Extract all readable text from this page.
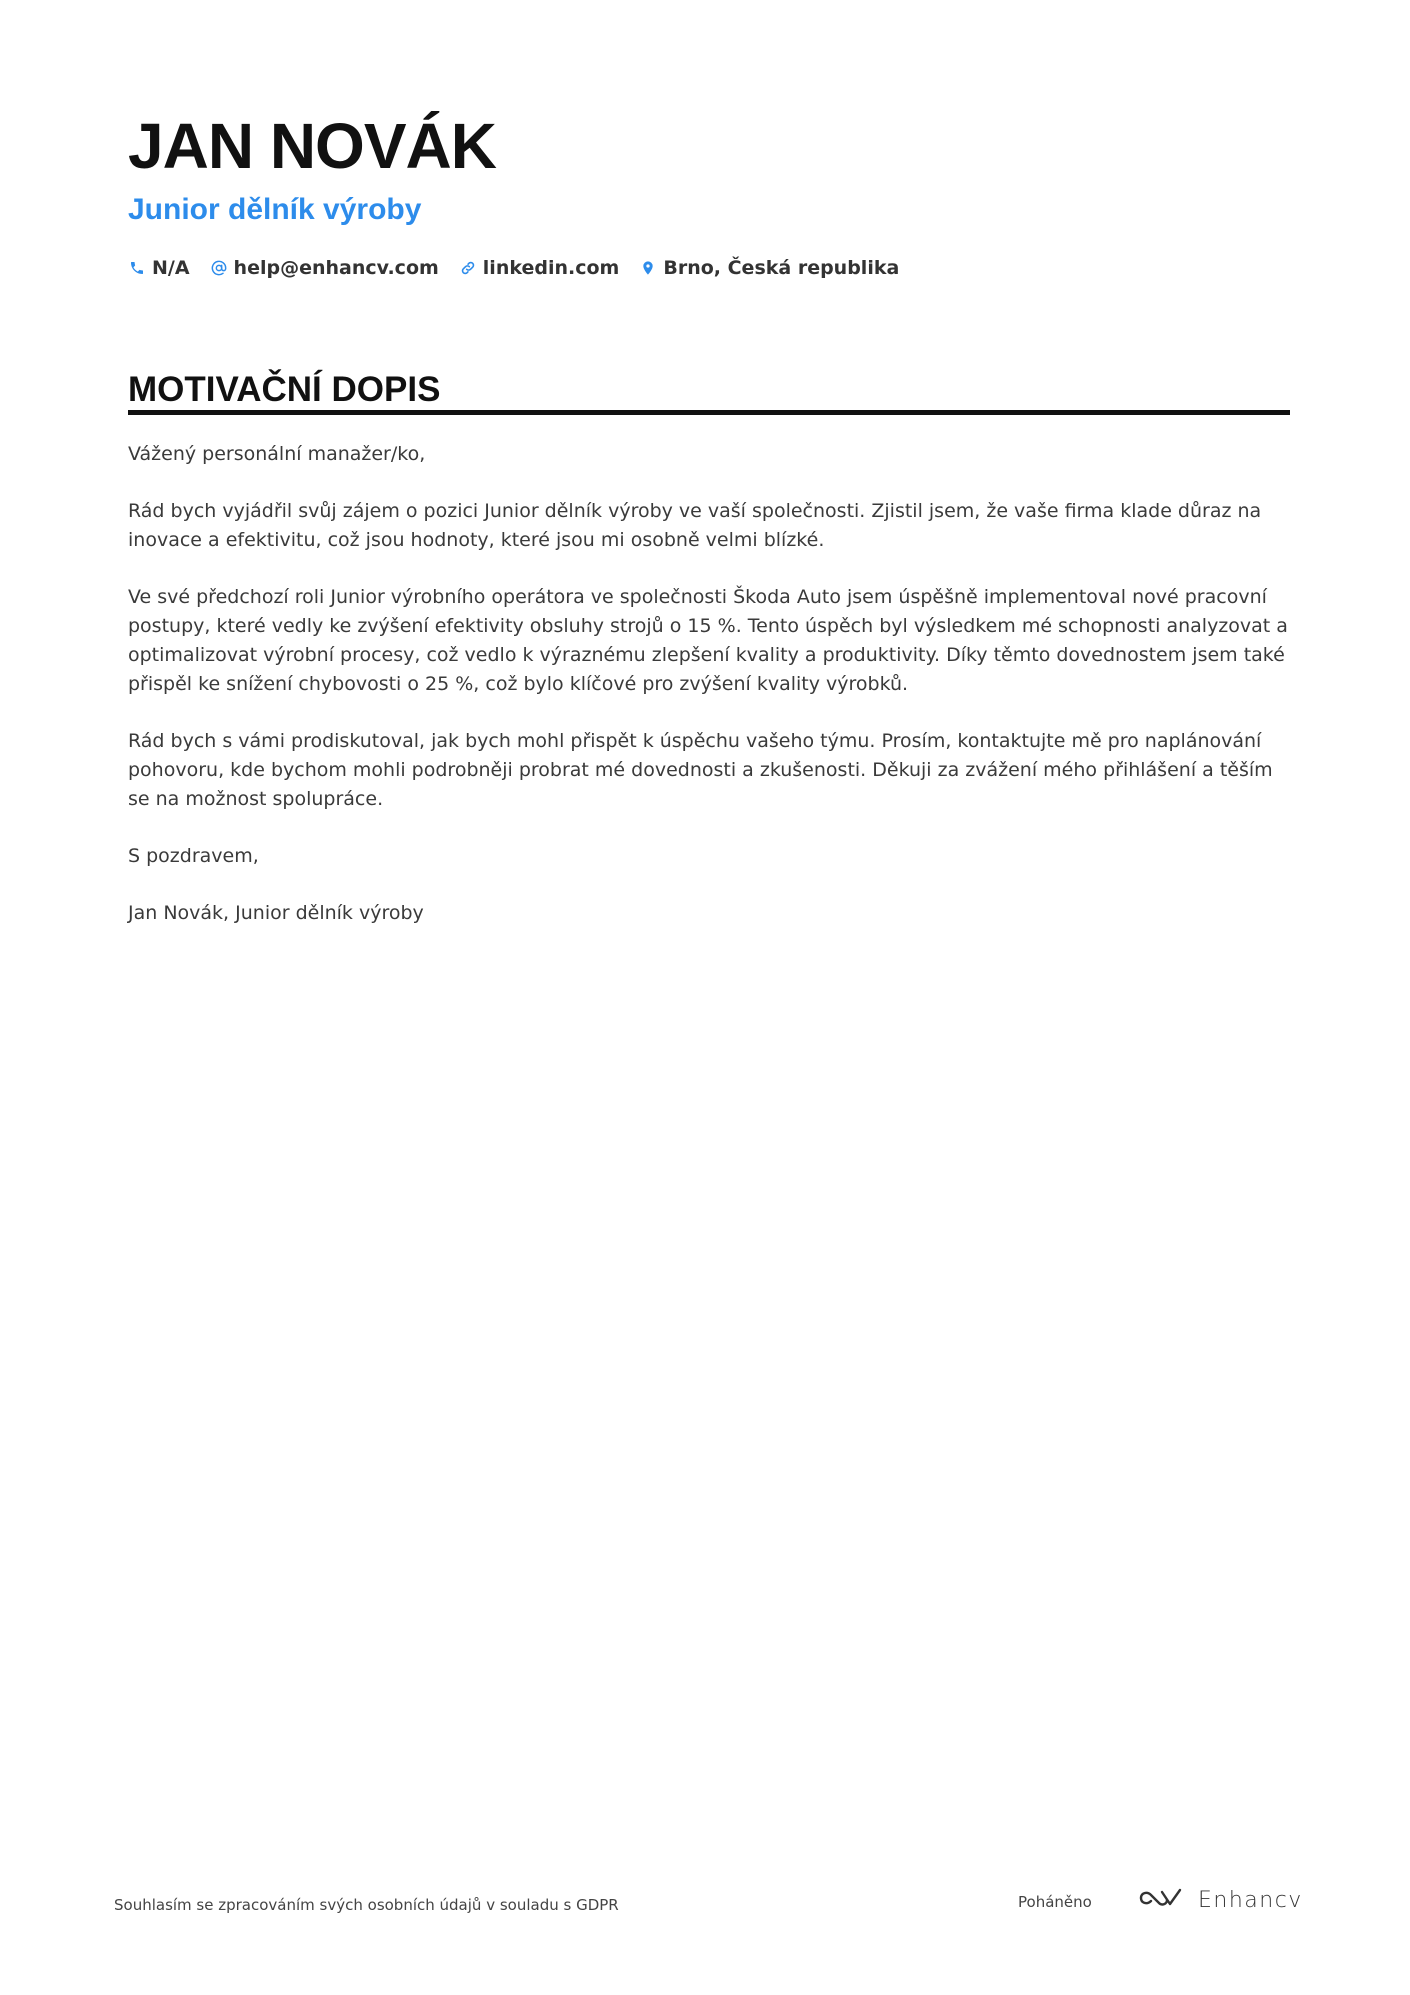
JAN NOVÁK
Junior dělník výroby
N/A help@enhancv.com linkedin.com Brno, Česká republika
MOTIVAČNÍ DOPIS

Vážený personální manažer/ko,

Rád bych vyjádřil svůj zájem o pozici Junior dělník výroby ve vaší společnosti. Zjistil jsem, že vaše firma klade důraz na inovace a efektivitu, což jsou hodnoty, které jsou mi osobně velmi blízké.

Ve své předchozí roli Junior výrobního operátora ve společnosti Škoda Auto jsem úspěšně implementoval nové pracovní postupy, které vedly ke zvýšení efektivity obsluhy strojů o 15 %. Tento úspěch byl výsledkem mé schopnosti analyzovat a optimalizovat výrobní procesy, což vedlo k výraznému zlepšení kvality a produktivity. Díky těmto dovednostem jsem také přispěl ke snížení chybovosti o 25 %, což bylo klíčové pro zvýšení kvality výrobků.

Rád bych s vámi prodiskutoval, jak bych mohl přispět k úspěchu vašeho týmu. Prosím, kontaktujte mě pro naplánování pohovoru, kde bychom mohli podrobněji probrat mé dovednosti a zkušenosti. Děkuji za zvážení mého přihlášení a těším se na možnost spolupráce.

S pozdravem,

Jan Novák, Junior dělník výroby

Souhlasím se zpracováním svých osobních údajů v souladu s GDPR	Poháněno	Enhancv
